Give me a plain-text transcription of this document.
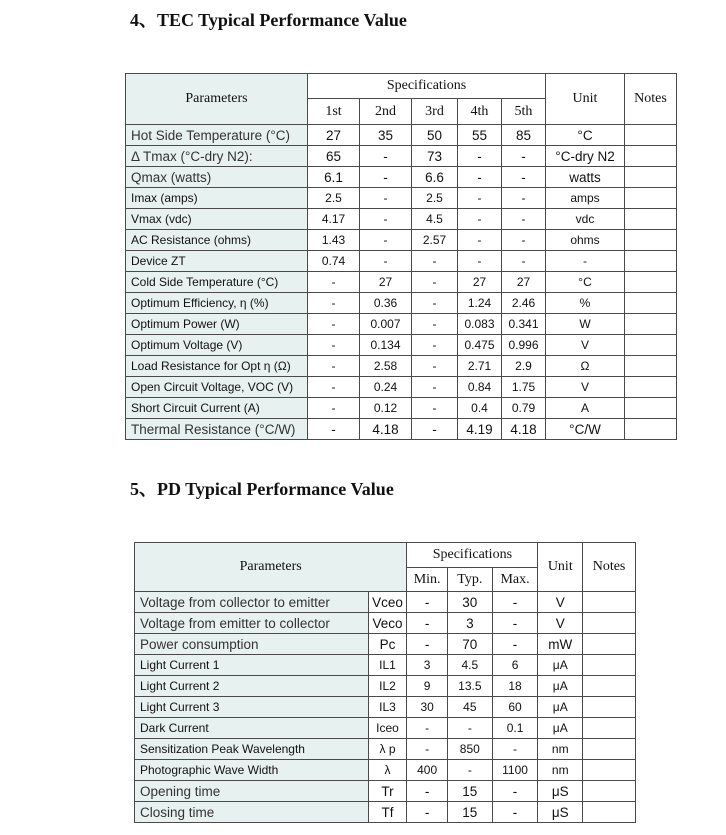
4、TEC Typical Performance Value
Parameters	Specifications					Unit	Notes
	1st	2nd	3rd	4th	5th		
Hot Side Temperature (°C)	27	35	50	55	85	°C	
Δ Tmax (°C-dry N2):	65	-	73	-	-	°C-dry N2	
Qmax (watts)	6.1	-	6.6	-	-	watts	
Imax (amps)	2.5	-	2.5	-	-	amps	
Vmax (vdc)	4.17	-	4.5	-	-	vdc	
AC Resistance (ohms)	1.43	-	2.57	-	-	ohms	
Device ZT	0.74	-	-	-	-	-	
Cold Side Temperature (°C)	-	27	-	27	27	°C	
Optimum Efficiency, η (%)	-	0.36	-	1.24	2.46	%	
Optimum Power (W)	-	0.007	-	0.083	0.341	W	
Optimum Voltage (V)	-	0.134	-	0.475	0.996	V	
Load Resistance for Opt η (Ω)	-	2.58	-	2.71	2.9	Ω	
Open Circuit Voltage, VOC (V)	-	0.24	-	0.84	1.75	V	
Short Circuit Current (A)	-	0.12	-	0.4	0.79	A	
Thermal Resistance (°C/W)	-	4.18	-	4.19	4.18	°C/W	
5、PD Typical Performance Value
Parameters		Specifications			Unit	Notes
		Min.	Typ.	Max.		
Voltage from collector to emitter	Vceo	-	30	-	V	
Voltage from emitter to collector	Veco	-	3	-	V	
Power consumption	Pc	-	70	-	mW	
Light Current 1	IL1	3	4.5	6	μA	
Light Current 2	IL2	9	13.5	18	μA	
Light Current 3	IL3	30	45	60	μA	
Dark Current	Iceo	-	-	0.1	μA	
Sensitization Peak Wavelength	λ p	-	850	-	nm	
Photographic Wave Width	λ	400	-	1100	nm	
Opening time	Tr	-	15	-	μS	
Closing time	Tf	-	15	-	μS	
